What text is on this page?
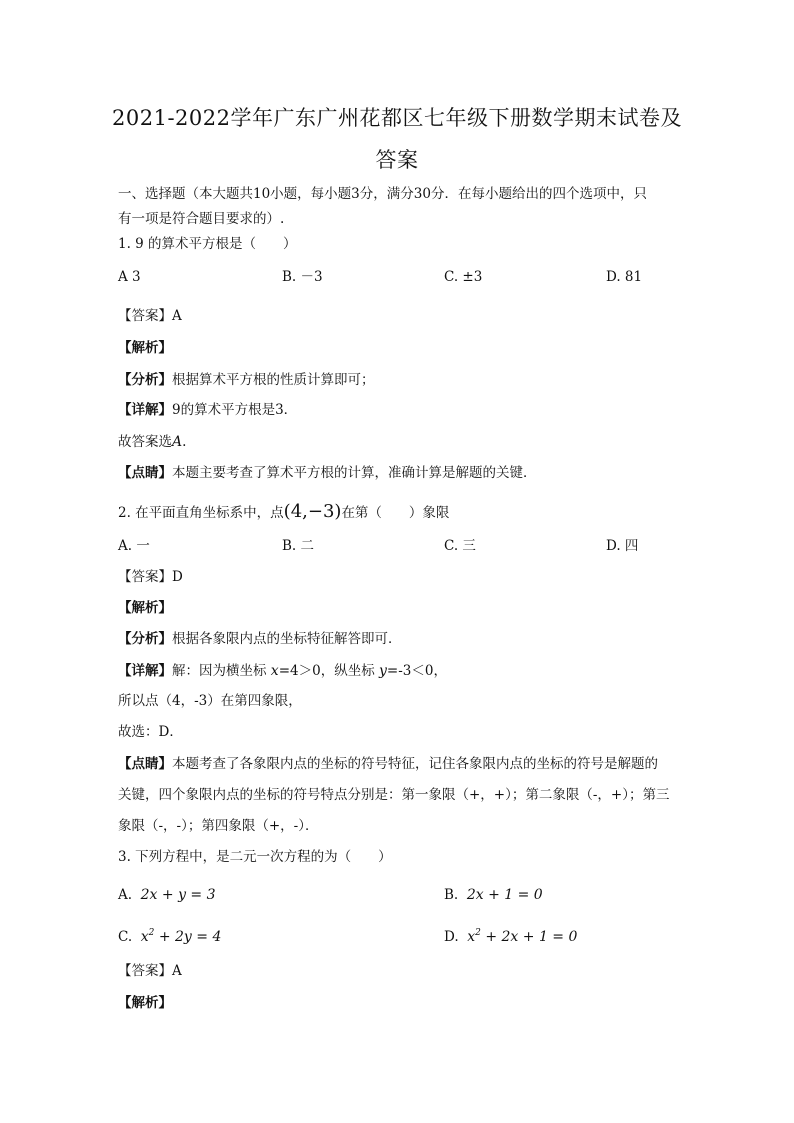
2021-2022学年广东广州花都区七年级下册数学期末试卷及
答案
一、选择题（本大题共10小题，每小题3分，满分30分．在每小题给出的四个选项中，只
有一项是符合题目要求的）.
1. 9 的算术平方根是（　　）
A 3	B. －3	C. ±3	D. 81
【答案】A
【解析】
【分析】根据算术平方根的性质计算即可；
【详解】9的算术平方根是3．
故答案选A.
【点睛】本题主要考查了算术平方根的计算，准确计算是解题的关键．
2. 在平面直角坐标系中，点(4,−3)在第（　　）象限
A. 一	B. 二	C. 三	D. 四
【答案】D
【解析】
【分析】根据各象限内点的坐标特征解答即可．
【详解】解：因为横坐标 x=4＞0，纵坐标 y=-3＜0，
所以点（4，-3）在第四象限，
故选：D．
【点睛】本题考查了各象限内点的坐标的符号特征，记住各象限内点的坐标的符号是解题的
关键，四个象限内点的坐标的符号特点分别是：第一象限（+，+）；第二象限（-，+）；第三
象限（-，-）；第四象限（+，-）．
3. 下列方程中，是二元一次方程的为（　　）
A. 2x + y = 3	B. 2x + 1 = 0
C. $x^2 + 2y = 4$	D. $x^2 + 2x + 1 = 0$
【答案】A
【解析】
